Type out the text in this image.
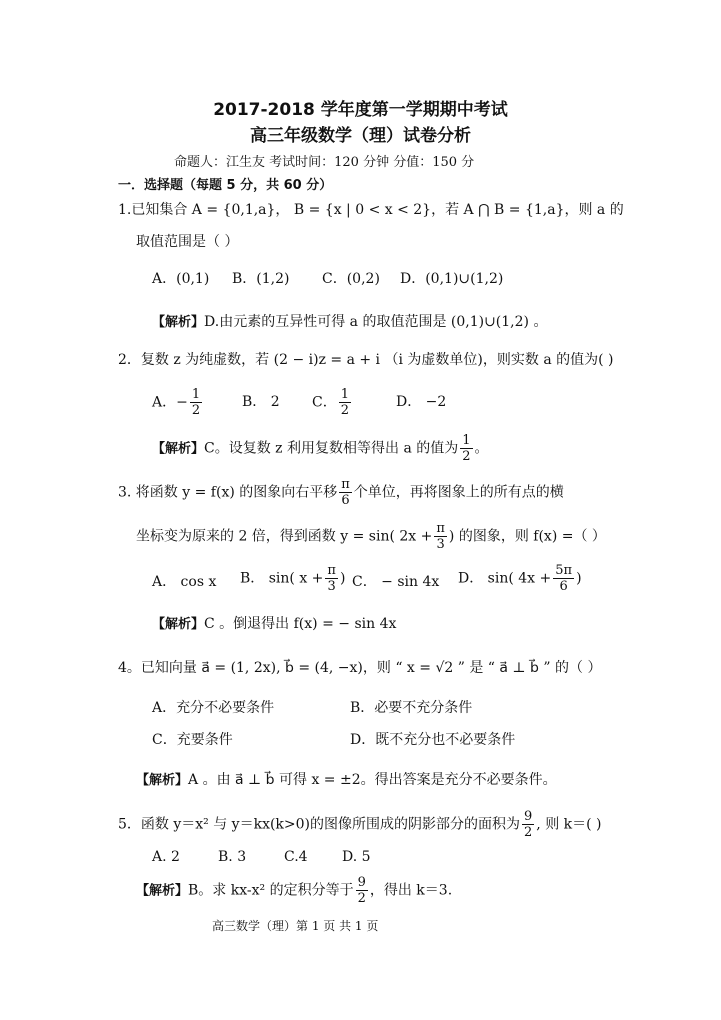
2017-2018 学年度第一学期期中考试
高三年级数学（理）试卷分析
命题人：江生友 考试时间：120 分钟 分值：150 分
一．选择题（每题 5 分，共 60 分）
1.已知集合 A = {0,1,a}， B = {x | 0 < x < 2}，若 A ⋂ B = {1,a}，则 a 的
取值范围是（ ）
A．(0,1) B．(1,2) C．(0,2) D．(0,1)∪(1,2)
【解析】D.由元素的互异性可得 a 的取值范围是 (0,1)∪(1,2) 。
2．复数 z 为纯虚数，若 (2 − i)z = a + i （i 为虚数单位)，则实数 a 的值为( )
A．− $\frac{1}{2}$	B． 2 C． $\frac{1}{2}$	D． −2
【解析】C。设复数 z 利用复数相等得出 a 的值为 $\frac{1}{2}$ 。
3. 将函数 y = f(x) 的图象向右平移 $\frac{\pi}{6}$ 个单位，再将图象上的所有点的横
坐标变为原来的 2 倍，得到函数 y = sin( $2x + \frac{\pi}{3}$ ) 的图象，则 f(x) =（ ）
A． cos x B． sin( $x + \frac{\pi}{3}$ ) C． − sin 4x D． sin( $4x + \frac{5\pi}{6}$ )
【解析】C 。倒退得出 f(x) = − sin 4x
4。已知向量 a⃗ = (1, 2x), b⃗ = (4, −x)，则 “ x = √2 ” 是 “ a⃗ ⊥ b⃗ ” 的（ ）
A．充分不必要条件	B．必要不充分条件
C．充要条件	D．既不充分也不必要条件
【解析】A 。由 a⃗ ⊥ b⃗ 可得 x = ±2。得出答案是充分不必要条件。
5．函数 y＝x² 与 y＝kx(k>0)的图像所围成的阴影部分的面积为 $\frac{9}{2}$ , 则 k＝( )
A. 2	B. 3	C.4 D. 5
【解析】B。求 kx-x² 的定积分等于 $\frac{9}{2}$ ，得出 k＝3.
高三数学（理）第 1 页 共 1 页
